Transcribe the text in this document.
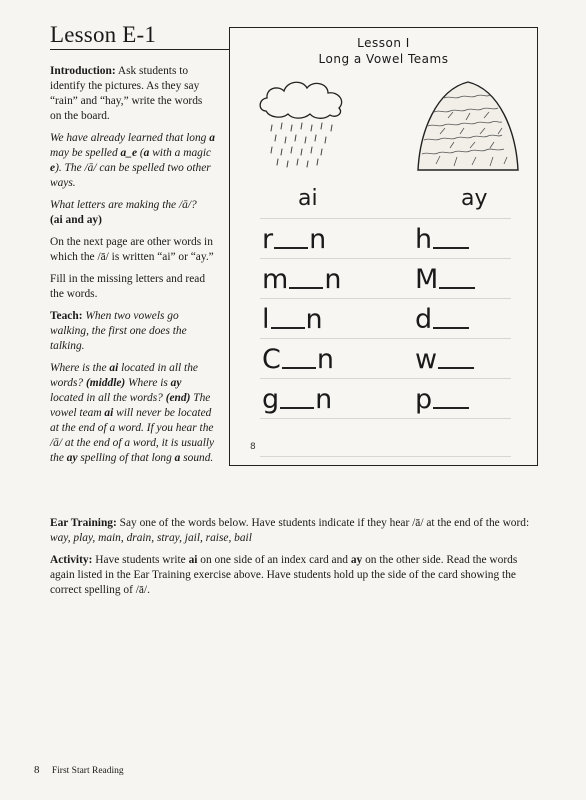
Lesson E-1

Introduction: Ask students to identify the pictures. As they say “rain” and “hay,” write the words on the board.

We have already learned that long a may be spelled a_e (a with a magic e). The /ā/ can be spelled two other ways.

What letters are making the /ā/?
(ai and ay)

On the next page are other words in which the /ā/ is written “ai” or “ay.”

Fill in the missing letters and read the words.

Teach: When two vowels go walking, the first one does the talking.

Where is the ai located in all the words? (middle) Where is ay located in all the words? (end) The vowel team ai will never be located at the end of a word. If you hear the /ā/ at the end of a word, it is usually the ay spelling of that long a sound.

Lesson I
Long a Vowel Teams
ai	ay
r n
m n
l n
C n
g n
h
M
d
w
p
8

Ear Training: Say one of the words below. Have students indicate if they hear /ā/ at the end of the word:
way, play, main, drain, stray, jail, raise, bail

Activity: Have students write ai on one side of an index card and ay on the other side. Read the words again listed in the Ear Training exercise above. Have students hold up the side of the card showing the correct spelling of /ā/.

8 First Start Reading
